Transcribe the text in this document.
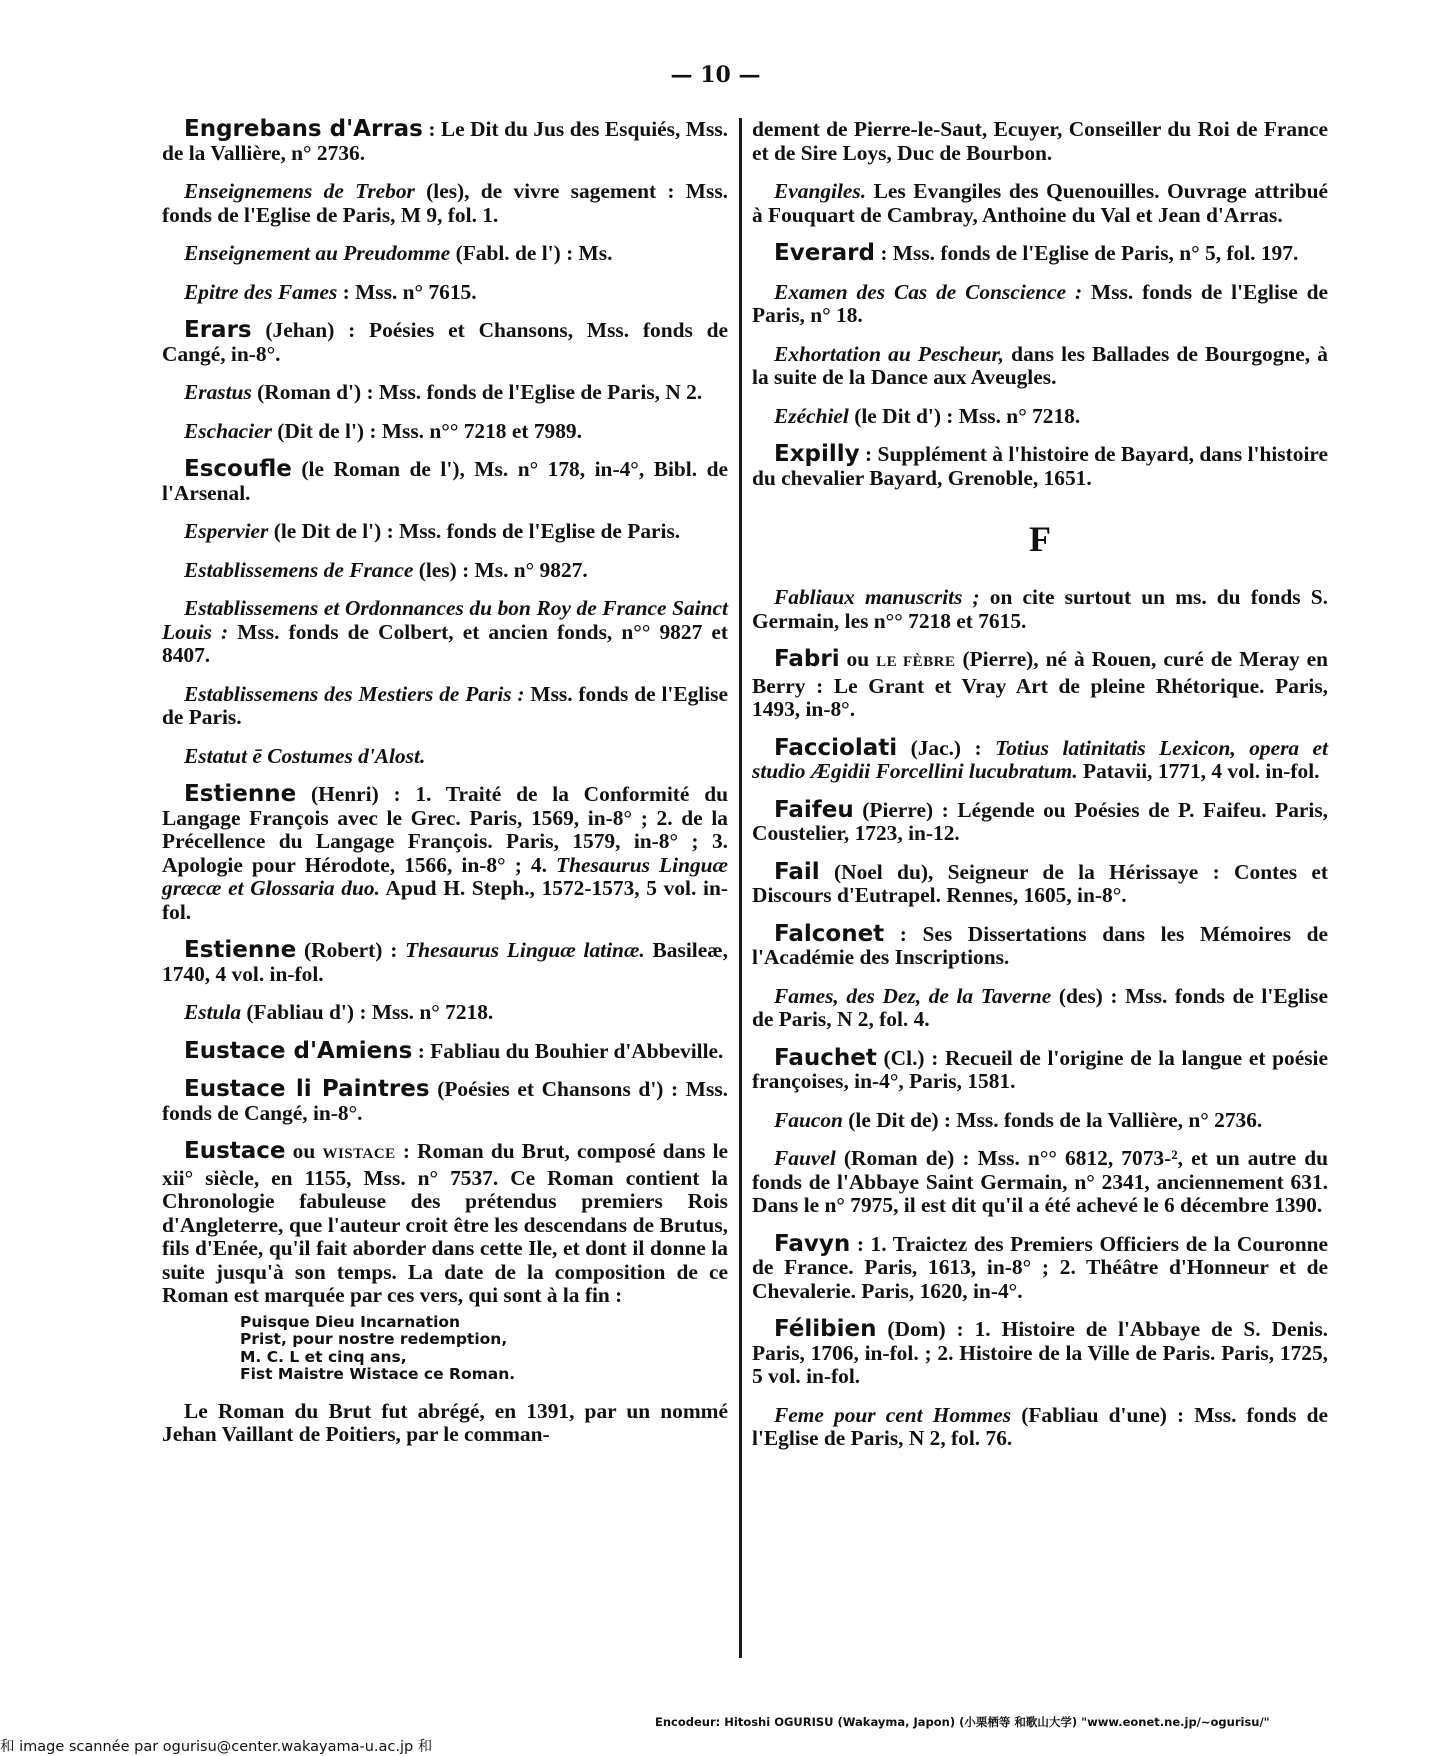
— 10 —

Engrebans d'Arras : Le Dit du Jus des Esquiés, Mss. de la Vallière, n° 2736.

Enseignemens de Trebor (les), de vivre sagement : Mss. fonds de l'Eglise de Paris, M 9, fol. 1.

Enseignement au Preudomme (Fabl. de l') : Ms.

Epitre des Fames : Mss. n° 7615.

Erars (Jehan) : Poésies et Chansons, Mss. fonds de Cangé, in-8°.

Erastus (Roman d') : Mss. fonds de l'Eglise de Paris, N 2.

Eschacier (Dit de l') : Mss. n°° 7218 et 7989.

Escoufle (le Roman de l'), Ms. n° 178, in-4°, Bibl. de l'Arsenal.

Espervier (le Dit de l') : Mss. fonds de l'Eglise de Paris.

Establissemens de France (les) : Ms. n° 9827.

Establissemens et Ordonnances du bon Roy de France Sainct Louis : Mss. fonds de Colbert, et ancien fonds, n°° 9827 et 8407.

Establissemens des Mestiers de Paris : Mss. fonds de l'Eglise de Paris.

Estatut ē Costumes d'Alost.

Estienne (Henri) : 1. Traité de la Conformité du Langage François avec le Grec. Paris, 1569, in-8° ; 2. de la Précellence du Langage François. Paris, 1579, in-8° ; 3. Apologie pour Hérodote, 1566, in-8° ; 4. Thesaurus Linguæ græcæ et Glossaria duo. Apud H. Steph., 1572-1573, 5 vol. in-fol.

Estienne (Robert) : Thesaurus Linguæ latinæ. Basileæ, 1740, 4 vol. in-fol.

Estula (Fabliau d') : Mss. n° 7218.

Eustace d'Amiens : Fabliau du Bouhier d'Abbeville.

Eustace li Paintres (Poésies et Chansons d') : Mss. fonds de Cangé, in-8°.

Eustace ou WISTACE : Roman du Brut, composé dans le xii° siècle, en 1155, Mss. n° 7537. Ce Roman contient la Chronologie fabuleuse des prétendus premiers Rois d'Angleterre, que l'auteur croit être les descendans de Brutus, fils d'Enée, qu'il fait aborder dans cette Ile, et dont il donne la suite jusqu'à son temps. La date de la composition de ce Roman est marquée par ces vers, qui sont à la fin :

Puisque Dieu Incarnation
Prist, pour nostre redemption,
M. C. L et cinq ans,
Fist Maistre Wistace ce Roman.

Le Roman du Brut fut abrégé, en 1391, par un nommé Jehan Vaillant de Poitiers, par le comman-

dement de Pierre-le-Saut, Ecuyer, Conseiller du Roi de France et de Sire Loys, Duc de Bourbon.

Evangiles. Les Evangiles des Quenouilles. Ouvrage attribué à Fouquart de Cambray, Anthoine du Val et Jean d'Arras.

Everard : Mss. fonds de l'Eglise de Paris, n° 5, fol. 197.

Examen des Cas de Conscience : Mss. fonds de l'Eglise de Paris, n° 18.

Exhortation au Pescheur, dans les Ballades de Bourgogne, à la suite de la Dance aux Aveugles.

Ezéchiel (le Dit d') : Mss. n° 7218.

Expilly : Supplément à l'histoire de Bayard, dans l'histoire du chevalier Bayard, Grenoble, 1651.

F

Fabliaux manuscrits ; on cite surtout un ms. du fonds S. Germain, les n°° 7218 et 7615.

Fabri ou LE FÈBRE (Pierre), né à Rouen, curé de Meray en Berry : Le Grant et Vray Art de pleine Rhétorique. Paris, 1493, in-8°.

Facciolati (Jac.) : Totius latinitatis Lexicon, opera et studio Ægidii Forcellini lucubratum. Patavii, 1771, 4 vol. in-fol.

Faifeu (Pierre) : Légende ou Poésies de P. Faifeu. Paris, Coustelier, 1723, in-12.

Fail (Noel du), Seigneur de la Hérissaye : Contes et Discours d'Eutrapel. Rennes, 1605, in-8°.

Falconet : Ses Dissertations dans les Mémoires de l'Académie des Inscriptions.

Fames, des Dez, de la Taverne (des) : Mss. fonds de l'Eglise de Paris, N 2, fol. 4.

Fauchet (Cl.) : Recueil de l'origine de la langue et poésie françoises, in-4°, Paris, 1581.

Faucon (le Dit de) : Mss. fonds de la Vallière, n° 2736.

Fauvel (Roman de) : Mss. n°° 6812, 7073-², et un autre du fonds de l'Abbaye Saint Germain, n° 2341, anciennement 631. Dans le n° 7975, il est dit qu'il a été achevé le 6 décembre 1390.

Favyn : 1. Traictez des Premiers Officiers de la Couronne de France. Paris, 1613, in-8° ; 2. Théâtre d'Honneur et de Chevalerie. Paris, 1620, in-4°.

Félibien (Dom) : 1. Histoire de l'Abbaye de S. Denis. Paris, 1706, in-fol. ; 2. Histoire de la Ville de Paris. Paris, 1725, 5 vol. in-fol.

Feme pour cent Hommes (Fabliau d'une) : Mss. fonds de l'Eglise de Paris, N 2, fol. 76.

Encodeur: Hitoshi OGURISU (Wakayma, Japon) (小栗栖等 和歌山大学) "www.eonet.ne.jp/~ogurisu/"
和 image scannée par ogurisu@center.wakayama-u.ac.jp 和
